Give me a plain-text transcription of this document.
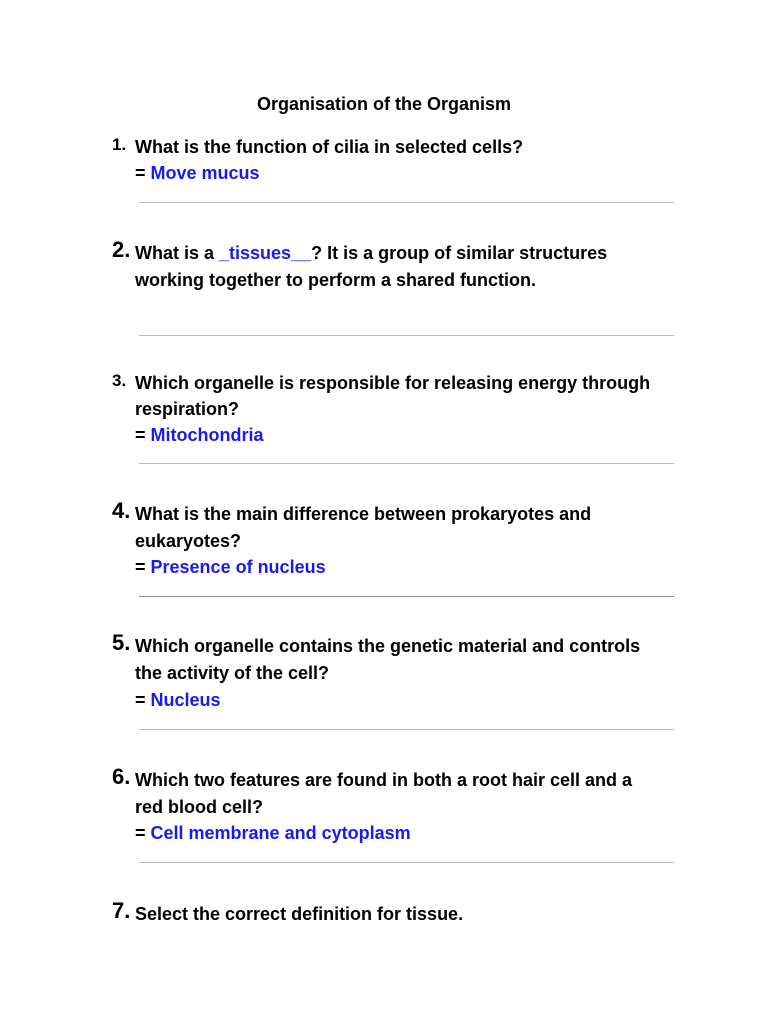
Organisation of the Organism
1. What is the function of cilia in selected cells?
= Move mucus
2. What is a _tissues__? It is a group of similar structures
working together to perform a shared function.
3. Which organelle is responsible for releasing energy through
respiration?
= Mitochondria
4. What is the main difference between prokaryotes and
eukaryotes?
= Presence of nucleus
5. Which organelle contains the genetic material and controls
the activity of the cell?
= Nucleus
6. Which two features are found in both a root hair cell and a
red blood cell?
= Cell membrane and cytoplasm
7. Select the correct definition for tissue.
